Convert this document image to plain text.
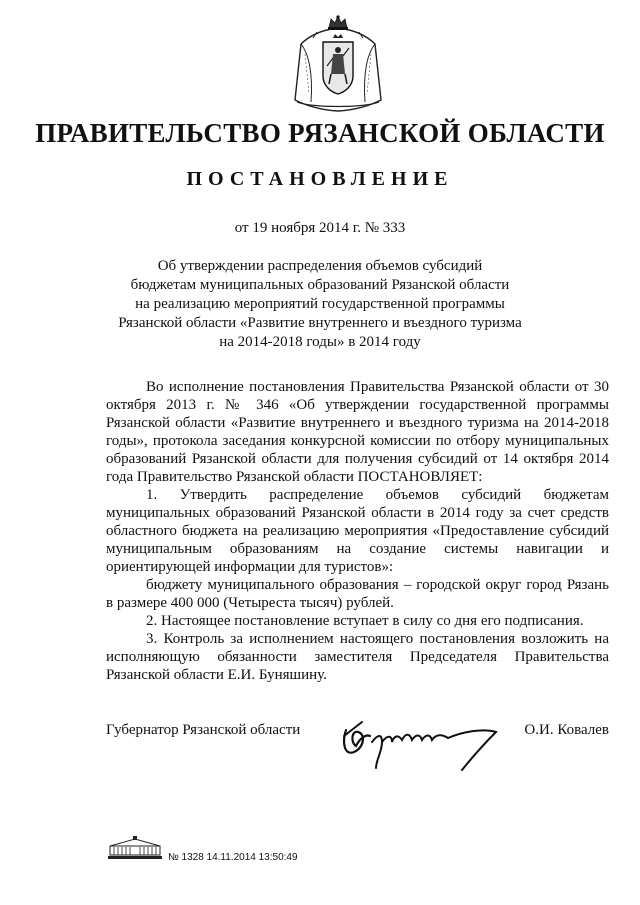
ПРАВИТЕЛЬСТВО РЯЗАНСКОЙ ОБЛАСТИ
ПОСТАНОВЛЕНИЕ
от 19 ноября 2014 г. № 333
Об утверждении распределения объемов субсидий
бюджетам муниципальных образований Рязанской области
на реализацию мероприятий государственной программы
Рязанской области «Развитие внутреннего и въездного туризма
на 2014-2018 годы» в 2014 году

Во исполнение постановления Правительства Рязанской области от 30 октября 2013 г. № 346 «Об утверждении государственной программы Рязанской области «Развитие внутреннего и въездного туризма на 2014-2018 годы», протокола заседания конкурсной комиссии по отбору муниципальных образований Рязанской области для получения субсидий от 14 октября 2014 года Правительство Рязанской области ПОСТАНОВЛЯЕТ:

1. Утвердить распределение объемов субсидий бюджетам муниципальных образований Рязанской области в 2014 году за счет средств областного бюджета на реализацию мероприятия «Предоставление субсидий муниципальным образованиям на создание системы навигации и ориентирующей информации для туристов»:

бюджету муниципального образования – городской округ город Рязань в размере 400 000 (Четыреста тысяч) рублей.

2. Настоящее постановление вступает в силу со дня его подписания.

3. Контроль за исполнением настоящего постановления возложить на исполняющую обязанности заместителя Председателя Правительства Рязанской области Е.И. Буняшину.

Губернатор Рязанской области	О.И. Ковалев
№ 1328 14.11.2014 13:50:49
